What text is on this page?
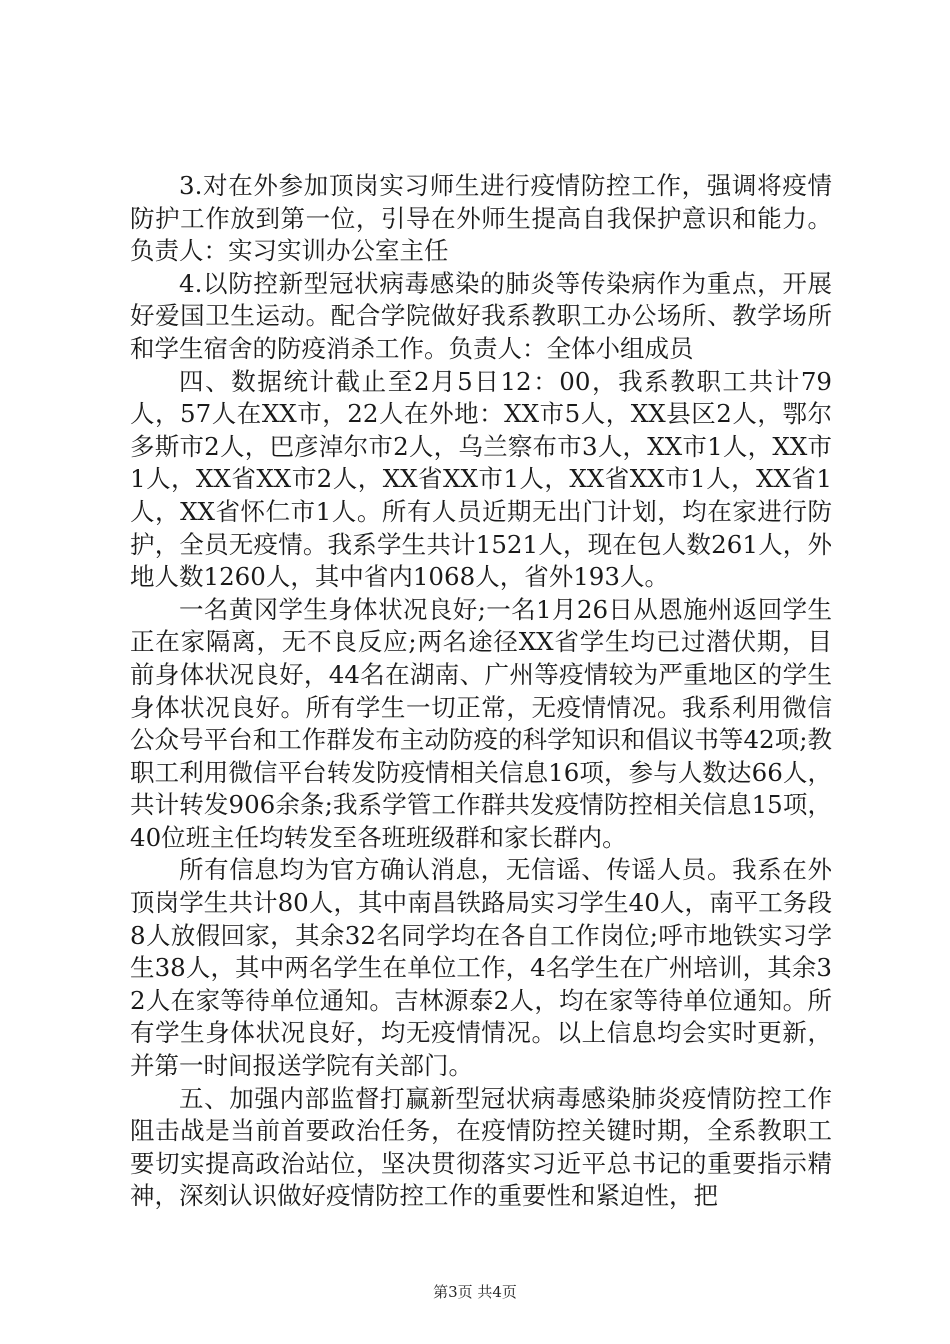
3.对在外参加顶岗实习师生进行疫情防控工作，强调将疫情防护工作放到第一位，引导在外师生提高自我保护意识和能力。负责人：实习实训办公室主任

4.以防控新型冠状病毒感染的肺炎等传染病作为重点，开展好爱国卫生运动。配合学院做好我系教职工办公场所、教学场所和学生宿舍的防疫消杀工作。负责人：全体小组成员

四、数据统计截止至2月5日12：00，我系教职工共计79人，57人在XX市，22人在外地：XX市5人，XX县区2人，鄂尔多斯市2人，巴彦淖尔市2人，乌兰察布市3人，XX市1人，XX市1人，XX省XX市2人，XX省XX市1人，XX省XX市1人，XX省1人，XX省怀仁市1人。所有人员近期无出门计划，均在家进行防护，全员无疫情。我系学生共计1521人，现在包人数261人，外地人数1260人，其中省内1068人，省外193人。

一名黄冈学生身体状况良好;一名1月26日从恩施州返回学生正在家隔离，无不良反应;两名途径XX省学生均已过潜伏期，目前身体状况良好，44名在湖南、广州等疫情较为严重地区的学生身体状况良好。所有学生一切正常，无疫情情况。我系利用微信公众号平台和工作群发布主动防疫的科学知识和倡议书等42项;教职工利用微信平台转发防疫情相关信息16项，参与人数达66人，共计转发906余条;我系学管工作群共发疫情防控相关信息15项，40位班主任均转发至各班班级群和家长群内。

所有信息均为官方确认消息，无信谣、传谣人员。我系在外顶岗学生共计80人，其中南昌铁路局实习学生40人，南平工务段8人放假回家，其余32名同学均在各自工作岗位;呼市地铁实习学生38人，其中两名学生在单位工作，4名学生在广州培训，其余32人在家等待单位通知。吉林源泰2人，均在家等待单位通知。所有学生身体状况良好，均无疫情情况。以上信息均会实时更新，并第一时间报送学院有关部门。

五、加强内部监督打赢新型冠状病毒感染肺炎疫情防控工作阻击战是当前首要政治任务，在疫情防控关键时期，全系教职工要切实提高政治站位，坚决贯彻落实习近平总书记的重要指示精神，深刻认识做好疫情防控工作的重要性和紧迫性，把

第3页 共4页
